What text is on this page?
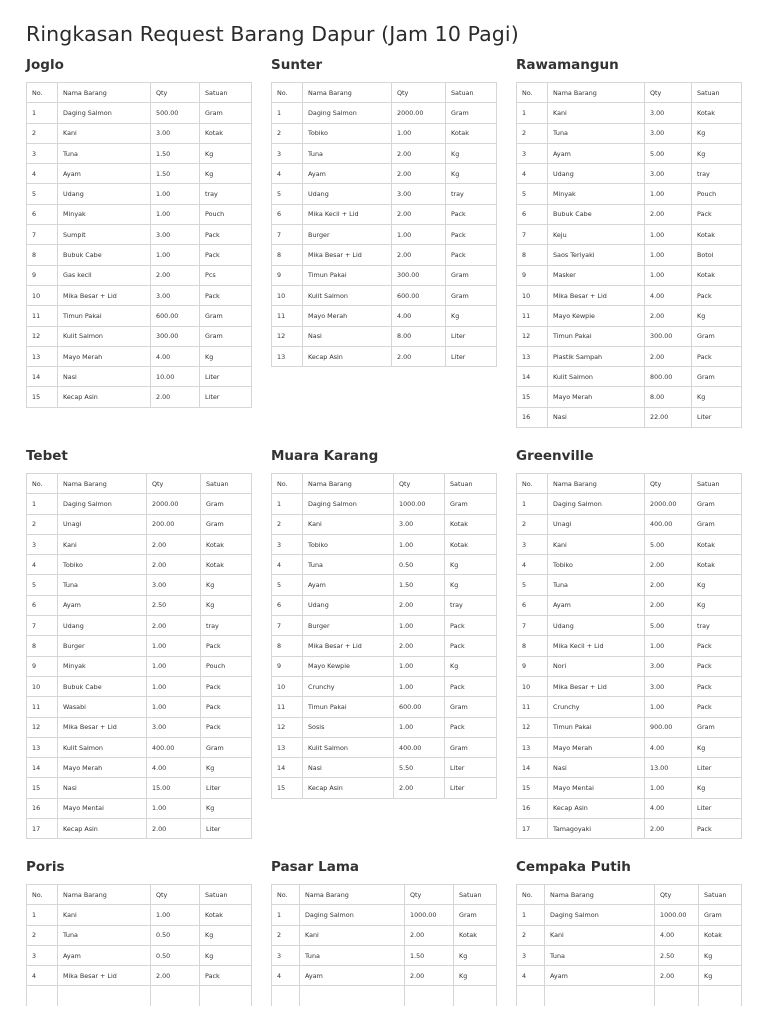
Ringkasan Request Barang Dapur (Jam 10 Pagi)
Joglo
No.	Nama Barang	Qty	Satuan
1	Daging Salmon	500.00	Gram
2	Kani	3.00	Kotak
3	Tuna	1.50	Kg
4	Ayam	1.50	Kg
5	Udang	1.00	tray
6	Minyak	1.00	Pouch
7	Sumpit	3.00	Pack
8	Bubuk Cabe	1.00	Pack
9	Gas kecil	2.00	Pcs
10	Mika Besar + Lid	3.00	Pack
11	Timun Pakai	600.00	Gram
12	Kulit Salmon	300.00	Gram
13	Mayo Merah	4.00	Kg
14	Nasi	10.00	Liter
15	Kecap Asin	2.00	Liter
Sunter
No.	Nama Barang	Qty	Satuan
1	Daging Salmon	2000.00	Gram
2	Tobiko	1.00	Kotak
3	Tuna	2.00	Kg
4	Ayam	2.00	Kg
5	Udang	3.00	tray
6	Mika Kecil + Lid	2.00	Pack
7	Burger	1.00	Pack
8	Mika Besar + Lid	2.00	Pack
9	Timun Pakai	300.00	Gram
10	Kulit Salmon	600.00	Gram
11	Mayo Merah	4.00	Kg
12	Nasi	8.00	Liter
13	Kecap Asin	2.00	Liter
Rawamangun
No.	Nama Barang	Qty	Satuan
1	Kani	3.00	Kotak
2	Tuna	3.00	Kg
3	Ayam	5.00	Kg
4	Udang	3.00	tray
5	Minyak	1.00	Pouch
6	Bubuk Cabe	2.00	Pack
7	Keju	1.00	Kotak
8	Saos Teriyaki	1.00	Botol
9	Masker	1.00	Kotak
10	Mika Besar + Lid	4.00	Pack
11	Mayo Kewpie	2.00	Kg
12	Timun Pakai	300.00	Gram
13	Plastik Sampah	2.00	Pack
14	Kulit Salmon	800.00	Gram
15	Mayo Merah	8.00	Kg
16	Nasi	22.00	Liter
Tebet
No.	Nama Barang	Qty	Satuan
1	Daging Salmon	2000.00	Gram
2	Unagi	200.00	Gram
3	Kani	2.00	Kotak
4	Tobiko	2.00	Kotak
5	Tuna	3.00	Kg
6	Ayam	2.50	Kg
7	Udang	2.00	tray
8	Burger	1.00	Pack
9	Minyak	1.00	Pouch
10	Bubuk Cabe	1.00	Pack
11	Wasabi	1.00	Pack
12	Mika Besar + Lid	3.00	Pack
13	Kulit Salmon	400.00	Gram
14	Mayo Merah	4.00	Kg
15	Nasi	15.00	Liter
16	Mayo Mentai	1.00	Kg
17	Kecap Asin	2.00	Liter
Muara Karang
No.	Nama Barang	Qty	Satuan
1	Daging Salmon	1000.00	Gram
2	Kani	3.00	Kotak
3	Tobiko	1.00	Kotak
4	Tuna	0.50	Kg
5	Ayam	1.50	Kg
6	Udang	2.00	tray
7	Burger	1.00	Pack
8	Mika Besar + Lid	2.00	Pack
9	Mayo Kewpie	1.00	Kg
10	Crunchy	1.00	Pack
11	Timun Pakai	600.00	Gram
12	Sosis	1.00	Pack
13	Kulit Salmon	400.00	Gram
14	Nasi	5.50	Liter
15	Kecap Asin	2.00	Liter
Greenville
No.	Nama Barang	Qty	Satuan
1	Daging Salmon	2000.00	Gram
2	Unagi	400.00	Gram
3	Kani	5.00	Kotak
4	Tobiko	2.00	Kotak
5	Tuna	2.00	Kg
6	Ayam	2.00	Kg
7	Udang	5.00	tray
8	Mika Kecil + Lid	1.00	Pack
9	Nori	3.00	Pack
10	Mika Besar + Lid	3.00	Pack
11	Crunchy	1.00	Pack
12	Timun Pakai	900.00	Gram
13	Mayo Merah	4.00	Kg
14	Nasi	13.00	Liter
15	Mayo Mentai	1.00	Kg
16	Kecap Asin	4.00	Liter
17	Tamagoyaki	2.00	Pack
Poris
No.	Nama Barang	Qty	Satuan
1	Kani	1.00	Kotak
2	Tuna	0.50	Kg
3	Ayam	0.50	Kg
4	Mika Besar + Lid	2.00	Pack

Pasar Lama
No.	Nama Barang	Qty	Satuan
1	Daging Salmon	1000.00	Gram
2	Kani	2.00	Kotak
3	Tuna	1.50	Kg
4	Ayam	2.00	Kg

Cempaka Putih
No.	Nama Barang	Qty	Satuan
1	Daging Salmon	1000.00	Gram
2	Kani	4.00	Kotak
3	Tuna	2.50	Kg
4	Ayam	2.00	Kg
